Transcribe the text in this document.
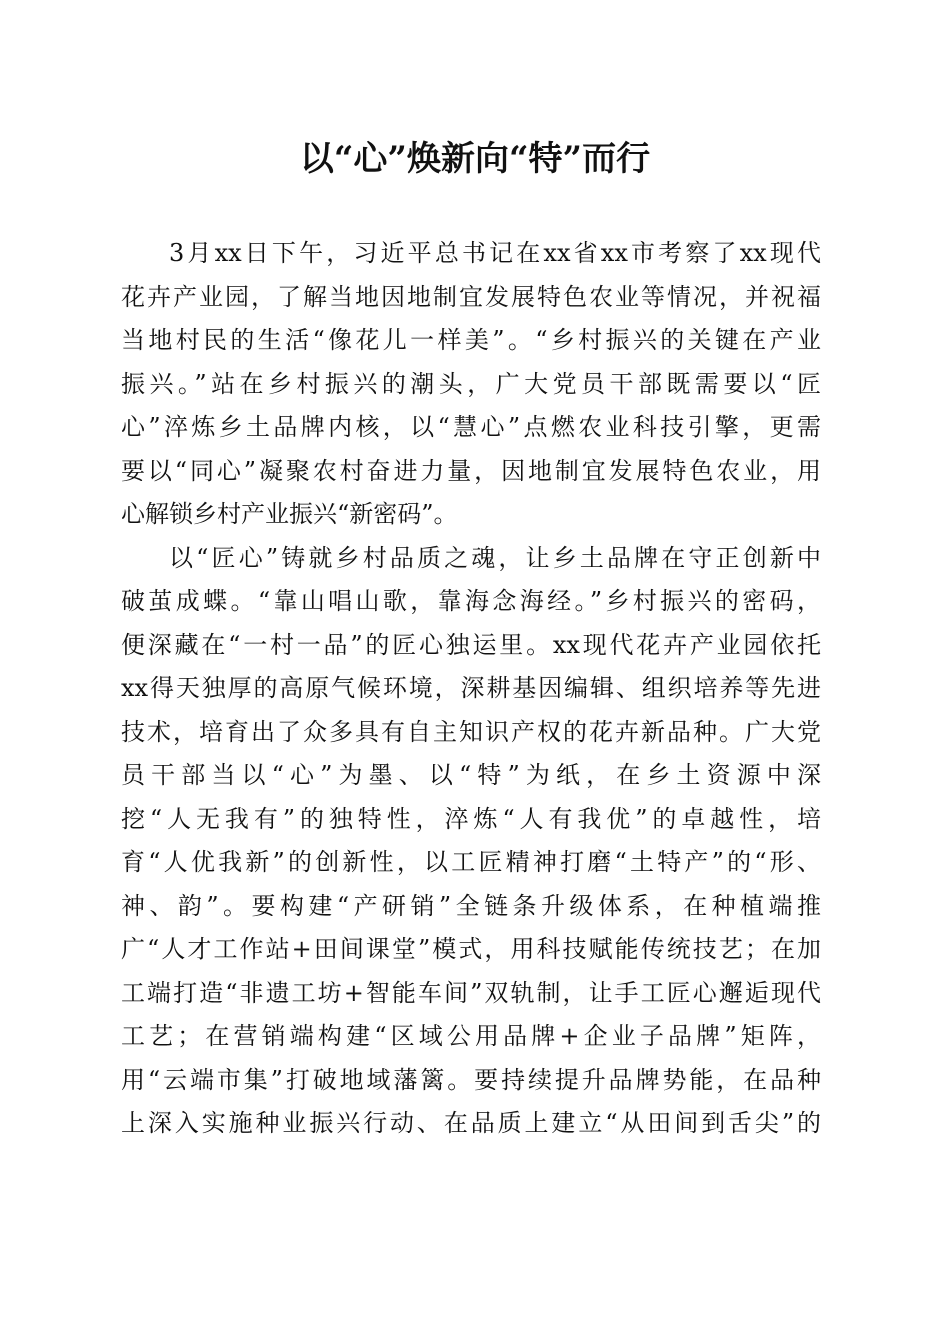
以“心”焕新向“特”而行

3月xx日下午，习近平总书记在xx省xx市考察了xx现代
花卉产业园，了解当地因地制宜发展特色农业等情况，并祝福
当地村民的生活“像花儿一样美”。“乡村振兴的关键在产业
振兴。”站在乡村振兴的潮头，广大党员干部既需要以“匠
心”淬炼乡土品牌内核，以“慧心”点燃农业科技引擎，更需
要以“同心”凝聚农村奋进力量，因地制宜发展特色农业，用
心解锁乡村产业振兴“新密码”。

以“匠心”铸就乡村品质之魂，让乡土品牌在守正创新中
破茧成蝶。“靠山唱山歌，靠海念海经。”乡村振兴的密码，
便深藏在“一村一品”的匠心独运里。xx现代花卉产业园依托
xx得天独厚的高原气候环境，深耕基因编辑、组织培养等先进
技术，培育出了众多具有自主知识产权的花卉新品种。广大党
员干部当以“心”为墨、以“特”为纸，在乡土资源中深
挖“人无我有”的独特性，淬炼“人有我优”的卓越性，培
育“人优我新”的创新性，以工匠精神打磨“土特产”的“形、
神、韵”。要构建“产研销”全链条升级体系，在种植端推
广“人才工作站+田间课堂”模式，用科技赋能传统技艺；在加
工端打造“非遗工坊+智能车间”双轨制，让手工匠心邂逅现代
工艺；在营销端构建“区域公用品牌+企业子品牌”矩阵，
用“云端市集”打破地域藩篱。要持续提升品牌势能，在品种
上深入实施种业振兴行动、在品质上建立“从田间到舌尖”的
